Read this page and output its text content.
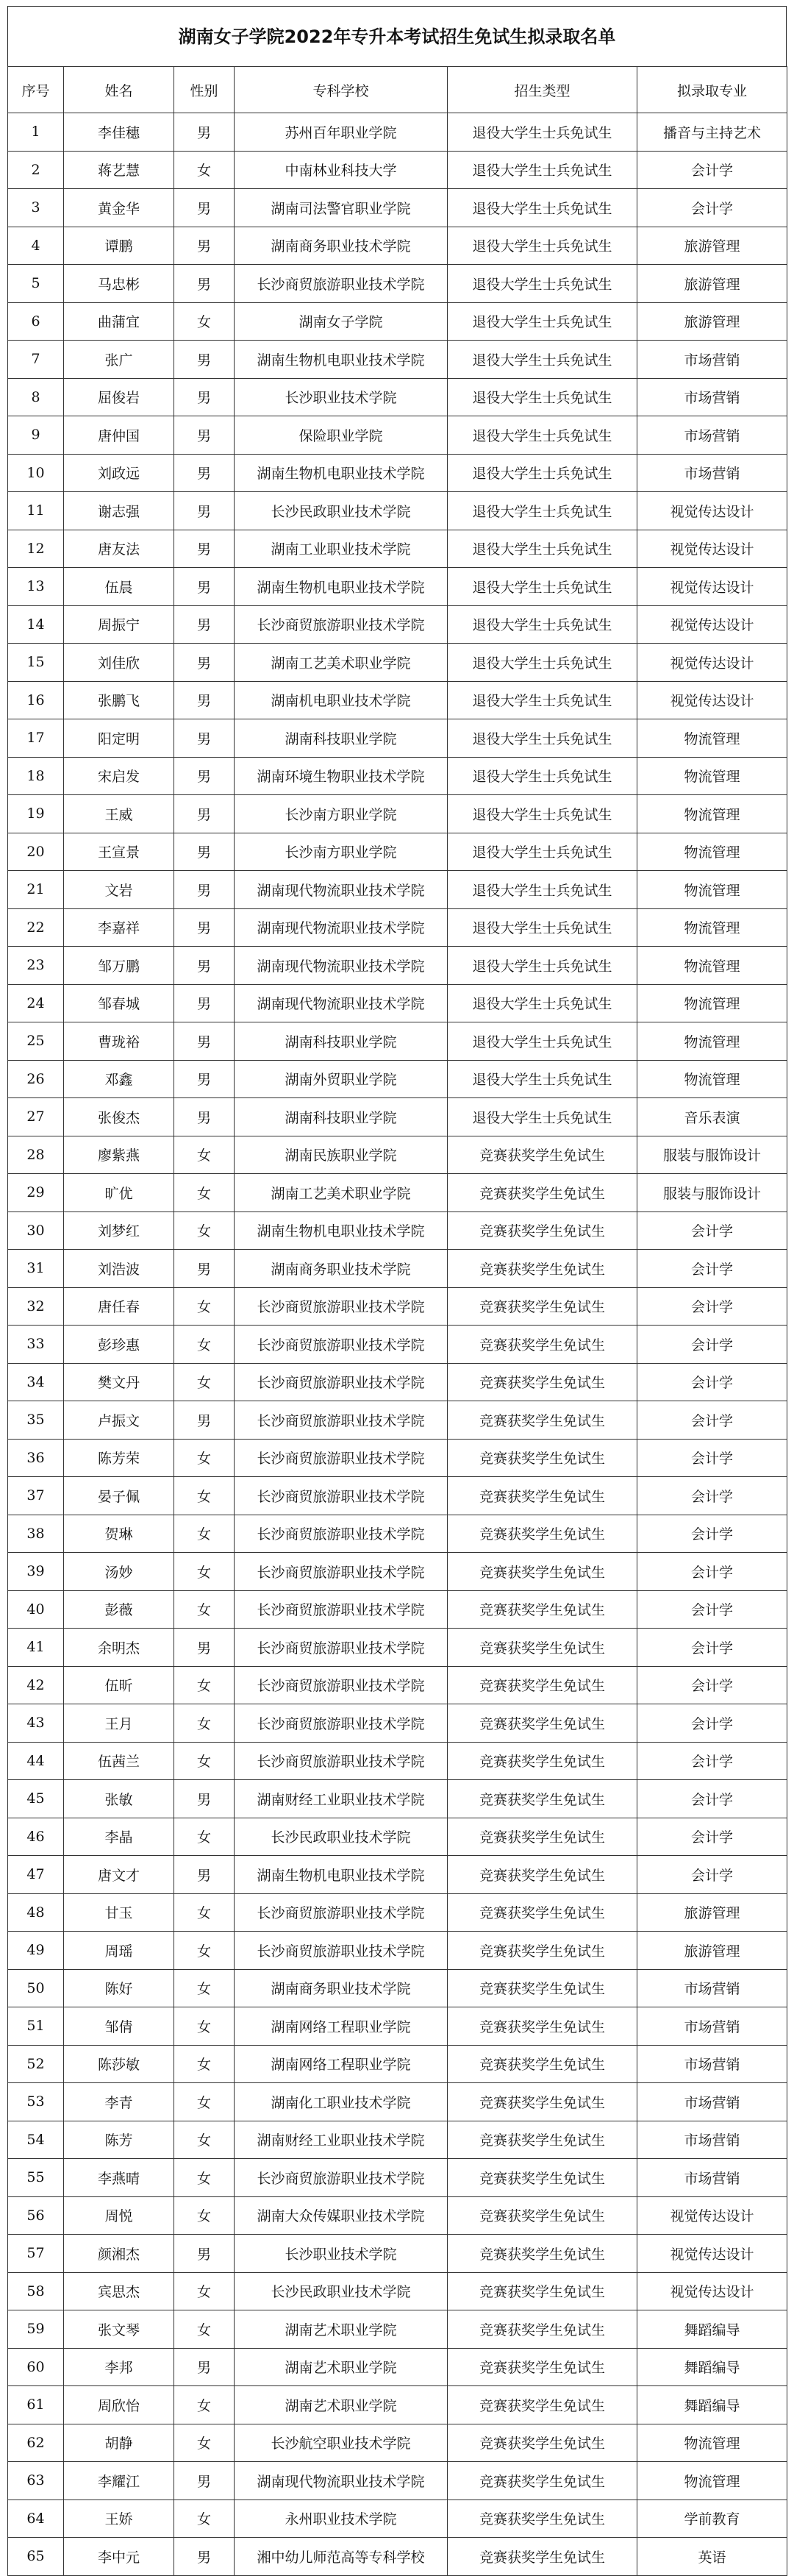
湖南女子学院2022年专升本考试招生免试生拟录取名单
序号	姓名	性别	专科学校	招生类型	拟录取专业
1	李佳穗	男	苏州百年职业学院	退役大学生士兵免试生	播音与主持艺术
2	蒋艺慧	女	中南林业科技大学	退役大学生士兵免试生	会计学
3	黄金华	男	湖南司法警官职业学院	退役大学生士兵免试生	会计学
4	谭鹏	男	湖南商务职业技术学院	退役大学生士兵免试生	旅游管理
5	马忠彬	男	长沙商贸旅游职业技术学院	退役大学生士兵免试生	旅游管理
6	曲蒲宜	女	湖南女子学院	退役大学生士兵免试生	旅游管理
7	张广	男	湖南生物机电职业技术学院	退役大学生士兵免试生	市场营销
8	屈俊岩	男	长沙职业技术学院	退役大学生士兵免试生	市场营销
9	唐仲国	男	保险职业学院	退役大学生士兵免试生	市场营销
10	刘政远	男	湖南生物机电职业技术学院	退役大学生士兵免试生	市场营销
11	谢志强	男	长沙民政职业技术学院	退役大学生士兵免试生	视觉传达设计
12	唐友法	男	湖南工业职业技术学院	退役大学生士兵免试生	视觉传达设计
13	伍晨	男	湖南生物机电职业技术学院	退役大学生士兵免试生	视觉传达设计
14	周振宁	男	长沙商贸旅游职业技术学院	退役大学生士兵免试生	视觉传达设计
15	刘佳欣	男	湖南工艺美术职业学院	退役大学生士兵免试生	视觉传达设计
16	张鹏飞	男	湖南机电职业技术学院	退役大学生士兵免试生	视觉传达设计
17	阳定明	男	湖南科技职业学院	退役大学生士兵免试生	物流管理
18	宋启发	男	湖南环境生物职业技术学院	退役大学生士兵免试生	物流管理
19	王威	男	长沙南方职业学院	退役大学生士兵免试生	物流管理
20	王宣景	男	长沙南方职业学院	退役大学生士兵免试生	物流管理
21	文岩	男	湖南现代物流职业技术学院	退役大学生士兵免试生	物流管理
22	李嘉祥	男	湖南现代物流职业技术学院	退役大学生士兵免试生	物流管理
23	邹万鹏	男	湖南现代物流职业技术学院	退役大学生士兵免试生	物流管理
24	邹春城	男	湖南现代物流职业技术学院	退役大学生士兵免试生	物流管理
25	曹珑裕	男	湖南科技职业学院	退役大学生士兵免试生	物流管理
26	邓鑫	男	湖南外贸职业学院	退役大学生士兵免试生	物流管理
27	张俊杰	男	湖南科技职业学院	退役大学生士兵免试生	音乐表演
28	廖紫燕	女	湖南民族职业学院	竞赛获奖学生免试生	服装与服饰设计
29	旷优	女	湖南工艺美术职业学院	竞赛获奖学生免试生	服装与服饰设计
30	刘梦红	女	湖南生物机电职业技术学院	竞赛获奖学生免试生	会计学
31	刘浩波	男	湖南商务职业技术学院	竞赛获奖学生免试生	会计学
32	唐任春	女	长沙商贸旅游职业技术学院	竞赛获奖学生免试生	会计学
33	彭珍惠	女	长沙商贸旅游职业技术学院	竞赛获奖学生免试生	会计学
34	樊文丹	女	长沙商贸旅游职业技术学院	竞赛获奖学生免试生	会计学
35	卢振文	男	长沙商贸旅游职业技术学院	竞赛获奖学生免试生	会计学
36	陈芳荣	女	长沙商贸旅游职业技术学院	竞赛获奖学生免试生	会计学
37	晏子佩	女	长沙商贸旅游职业技术学院	竞赛获奖学生免试生	会计学
38	贺琳	女	长沙商贸旅游职业技术学院	竞赛获奖学生免试生	会计学
39	汤妙	女	长沙商贸旅游职业技术学院	竞赛获奖学生免试生	会计学
40	彭薇	女	长沙商贸旅游职业技术学院	竞赛获奖学生免试生	会计学
41	余明杰	男	长沙商贸旅游职业技术学院	竞赛获奖学生免试生	会计学
42	伍昕	女	长沙商贸旅游职业技术学院	竞赛获奖学生免试生	会计学
43	王月	女	长沙商贸旅游职业技术学院	竞赛获奖学生免试生	会计学
44	伍茜兰	女	长沙商贸旅游职业技术学院	竞赛获奖学生免试生	会计学
45	张敏	男	湖南财经工业职业技术学院	竞赛获奖学生免试生	会计学
46	李晶	女	长沙民政职业技术学院	竞赛获奖学生免试生	会计学
47	唐文才	男	湖南生物机电职业技术学院	竞赛获奖学生免试生	会计学
48	甘玉	女	长沙商贸旅游职业技术学院	竞赛获奖学生免试生	旅游管理
49	周瑶	女	长沙商贸旅游职业技术学院	竞赛获奖学生免试生	旅游管理
50	陈好	女	湖南商务职业技术学院	竞赛获奖学生免试生	市场营销
51	邹倩	女	湖南网络工程职业学院	竞赛获奖学生免试生	市场营销
52	陈莎敏	女	湖南网络工程职业学院	竞赛获奖学生免试生	市场营销
53	李青	女	湖南化工职业技术学院	竞赛获奖学生免试生	市场营销
54	陈芳	女	湖南财经工业职业技术学院	竞赛获奖学生免试生	市场营销
55	李燕晴	女	长沙商贸旅游职业技术学院	竞赛获奖学生免试生	市场营销
56	周悦	女	湖南大众传媒职业技术学院	竞赛获奖学生免试生	视觉传达设计
57	颜湘杰	男	长沙职业技术学院	竞赛获奖学生免试生	视觉传达设计
58	宾思杰	女	长沙民政职业技术学院	竞赛获奖学生免试生	视觉传达设计
59	张文琴	女	湖南艺术职业学院	竞赛获奖学生免试生	舞蹈编导
60	李邦	男	湖南艺术职业学院	竞赛获奖学生免试生	舞蹈编导
61	周欣怡	女	湖南艺术职业学院	竞赛获奖学生免试生	舞蹈编导
62	胡静	女	长沙航空职业技术学院	竞赛获奖学生免试生	物流管理
63	李耀江	男	湖南现代物流职业技术学院	竞赛获奖学生免试生	物流管理
64	王娇	女	永州职业技术学院	竞赛获奖学生免试生	学前教育
65	李中元	男	湘中幼儿师范高等专科学校	竞赛获奖学生免试生	英语
